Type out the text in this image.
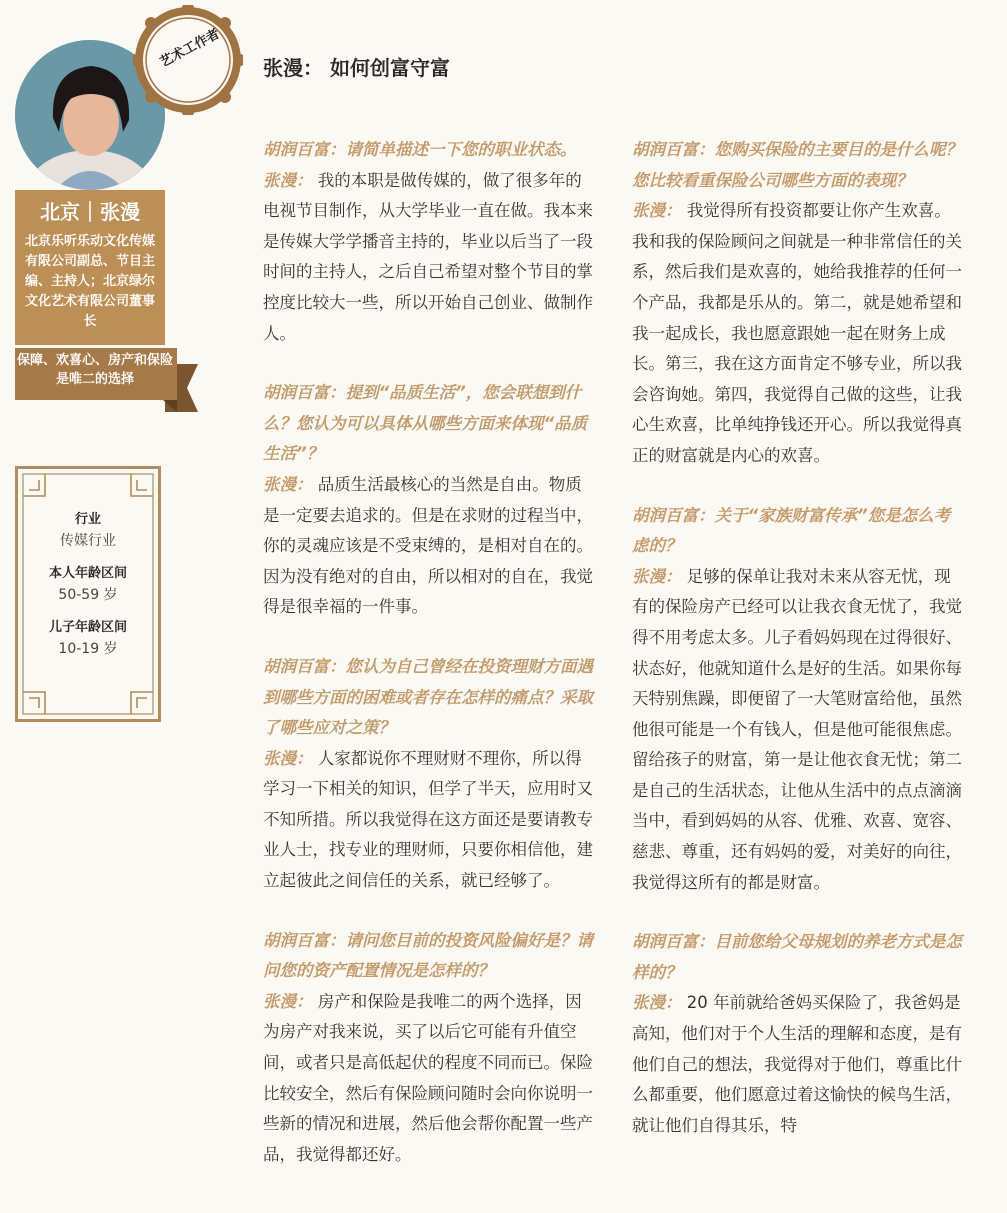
艺术工作者
北京｜张漫
北京乐听乐动文化传媒有限公司副总、节目主编、主持人；北京绿尔文化艺术有限公司董事长
保障、欢喜心、房产和保险是唯二的选择
行业
传媒行业
本人年龄区间
50-59 岁
儿子年龄区间
10-19 岁
张漫： 如何创富守富

胡润百富：请简单描述一下您的职业状态。

张漫： 我的本职是做传媒的，做了很多年的电视节目制作，从大学毕业一直在做。我本来是传媒大学学播音主持的，毕业以后当了一段时间的主持人，之后自己希望对整个节目的掌控度比较大一些，所以开始自己创业、做制作人。

胡润百富：提到“品质生活”，您会联想到什么？您认为可以具体从哪些方面来体现“品质生活”？

张漫： 品质生活最核心的当然是自由。物质是一定要去追求的。但是在求财的过程当中，你的灵魂应该是不受束缚的，是相对自在的。因为没有绝对的自由，所以相对的自在，我觉得是很幸福的一件事。

胡润百富：您认为自己曾经在投资理财方面遇到哪些方面的困难或者存在怎样的痛点？采取了哪些应对之策？

张漫： 人家都说你不理财财不理你，所以得学习一下相关的知识，但学了半天，应用时又不知所措。所以我觉得在这方面还是要请教专业人士，找专业的理财师，只要你相信他，建立起彼此之间信任的关系，就已经够了。

胡润百富：请问您目前的投资风险偏好是？请问您的资产配置情况是怎样的？

张漫： 房产和保险是我唯二的两个选择，因为房产对我来说，买了以后它可能有升值空间，或者只是高低起伏的程度不同而已。保险比较安全，然后有保险顾问随时会向你说明一些新的情况和进展，然后他会帮你配置一些产品，我觉得都还好。

胡润百富：您购买保险的主要目的是什么呢？您比较看重保险公司哪些方面的表现？

张漫： 我觉得所有投资都要让你产生欢喜。我和我的保险顾问之间就是一种非常信任的关系，然后我们是欢喜的，她给我推荐的任何一个产品，我都是乐从的。第二，就是她希望和我一起成长，我也愿意跟她一起在财务上成长。第三，我在这方面肯定不够专业，所以我会咨询她。第四，我觉得自己做的这些，让我心生欢喜，比单纯挣钱还开心。所以我觉得真正的财富就是内心的欢喜。

胡润百富：关于“家族财富传承”您是怎么考虑的？

张漫： 足够的保单让我对未来从容无忧，现有的保险房产已经可以让我衣食无忧了，我觉得不用考虑太多。儿子看妈妈现在过得很好、状态好，他就知道什么是好的生活。如果你每天特别焦躁，即便留了一大笔财富给他，虽然他很可能是一个有钱人，但是他可能很焦虑。留给孩子的财富，第一是让他衣食无忧；第二是自己的生活状态，让他从生活中的点点滴滴当中，看到妈妈的从容、优雅、欢喜、宽容、慈悲、尊重，还有妈妈的爱，对美好的向往，我觉得这所有的都是财富。

胡润百富：目前您给父母规划的养老方式是怎样的？

张漫： 20 年前就给爸妈买保险了，我爸妈是高知，他们对于个人生活的理解和态度，是有他们自己的想法，我觉得对于他们，尊重比什么都重要，他们愿意过着这愉快的候鸟生活，就让他们自得其乐，特
